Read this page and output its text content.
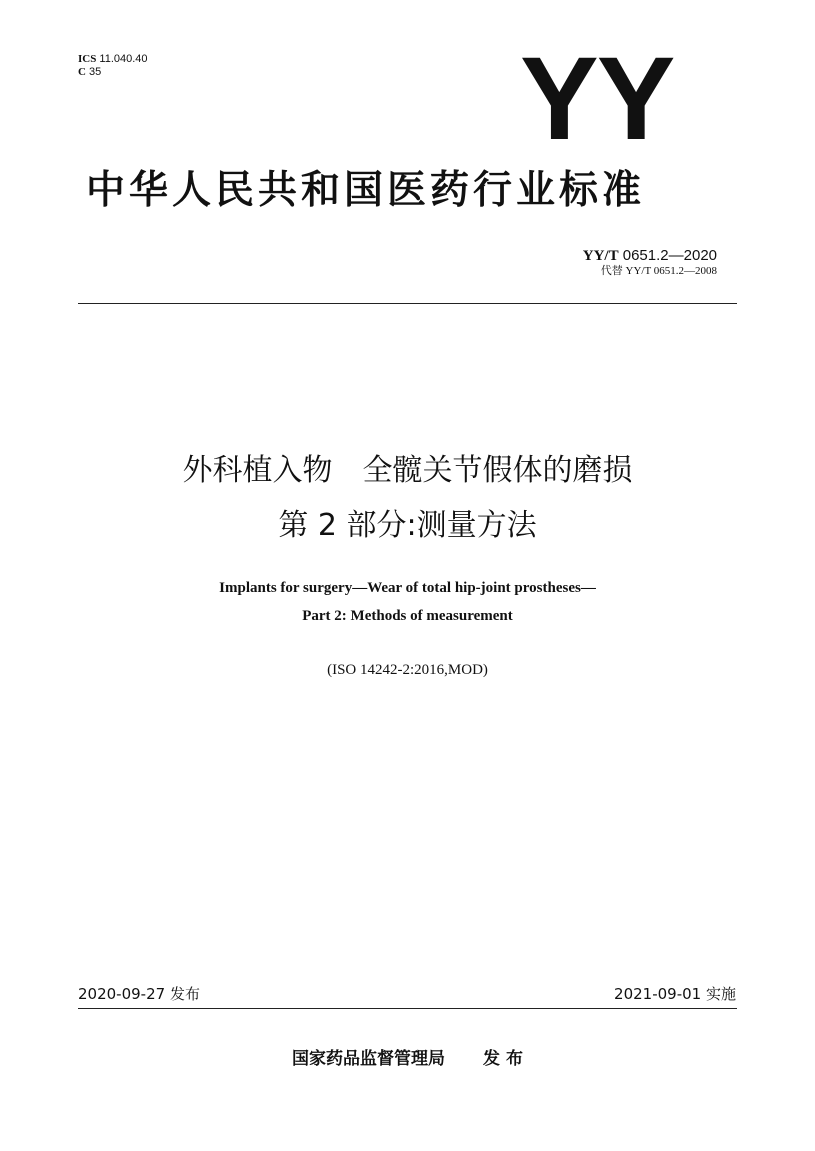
ICS 11.040.40
C 35	YY
中华人民共和国医药行业标准
YY/T 0651.2—2020
代替 YY/T 0651.2—2008
外科植入物　全髋关节假体的磨损
第 2 部分:测量方法
Implants for surgery—Wear of total hip-joint prostheses—
Part 2: Methods of measurement
(ISO 14242-2:2016,MOD)
2020-09-27 发布	2021-09-01 实施
国家药品监督管理局 发 布
